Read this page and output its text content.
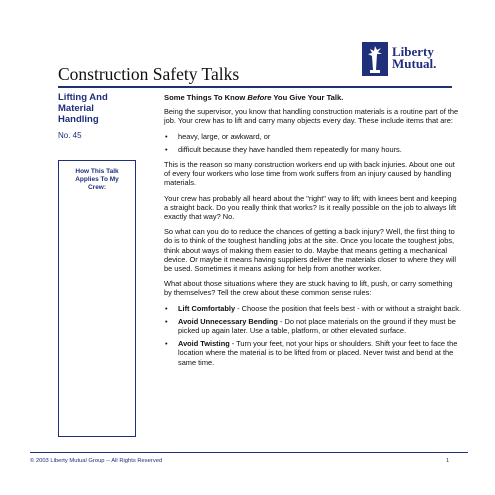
Construction Safety Talks
Liberty
Mutual.
Lifting And
Material
Handling
No. 45
How This Talk
Applies To My
Crew:

Some Things To Know Before You Give Your Talk.

Being the supervisor, you know that handling construction materials is a routine part of the job. Your crew has to lift and carry many objects every day. These include items that are:

• heavy, large, or awkward, or
• difficult because they have handled them repeatedly for many hours.

This is the reason so many construction workers end up with back injuries. About one out of every four workers who lose time from work suffers from an injury caused by handling materials.

Your crew has probably all heard about the "right" way to lift; with knees bent and keeping a straight back. Do you really think that works? Is it really possible on the job to always lift exactly that way? No.

So what can you do to reduce the chances of getting a back injury? Well, the first thing to do is to think of the toughest handling jobs at the site. Once you locate the toughest jobs, think about ways of making them easier to do. Maybe that means getting a mechanical device. Or maybe it means having suppliers deliver the materials closer to where they will be used. Sometimes it means asking for help from another worker.

What about those situations where they are stuck having to lift, push, or carry something by themselves? Tell the crew about these common sense rules:

• Lift Comfortably - Choose the position that feels best - with or without a straight back.
• Avoid Unnecessary Bending - Do not place materials on the ground if they must be picked up again later. Use a table, platform, or other elevated surface.
• Avoid Twisting - Turn your feet, not your hips or shoulders. Shift your feet to face the location where the material is to be lifted from or placed. Never twist and bend at the same time.
© 2003 Liberty Mutual Group -- All Rights Reserved	1
